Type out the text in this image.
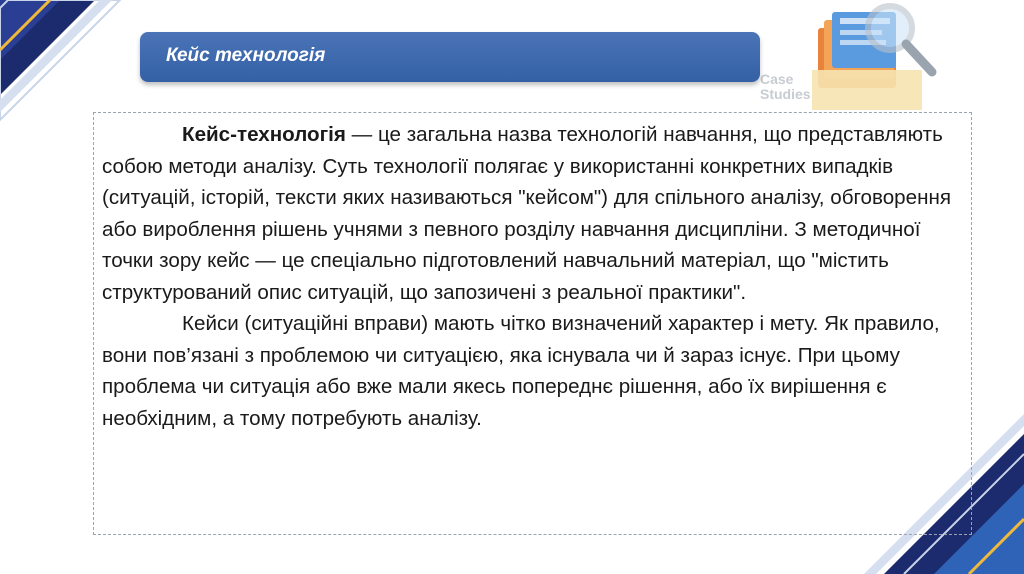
Case
Studies
Кейс технологія

Кейс-технологія — це загальна назва технологій навчання, що представляють собою методи аналізу. Суть технології полягає у використанні конкретних випадків (ситуацій, історій, тексти яких називаються "кейсом") для спільного аналізу, обговорення або вироблення рішень учнями з певного розділу навчання дисципліни. З методичної точки зору кейс — це спеціально підготовлений навчальний матеріал, що "містить структурований опис ситуацій, що запозичені з реальної практики".

Кейси (ситуаційні вправи) мають чітко визначений характер і мету. Як правило, вони пов’язані з проблемою чи ситуацією, яка існувала чи й зараз існує. При цьому проблема чи ситуація або вже мали якесь попереднє рішення, або їх вирішення є необхідним, а тому потребують аналізу.
